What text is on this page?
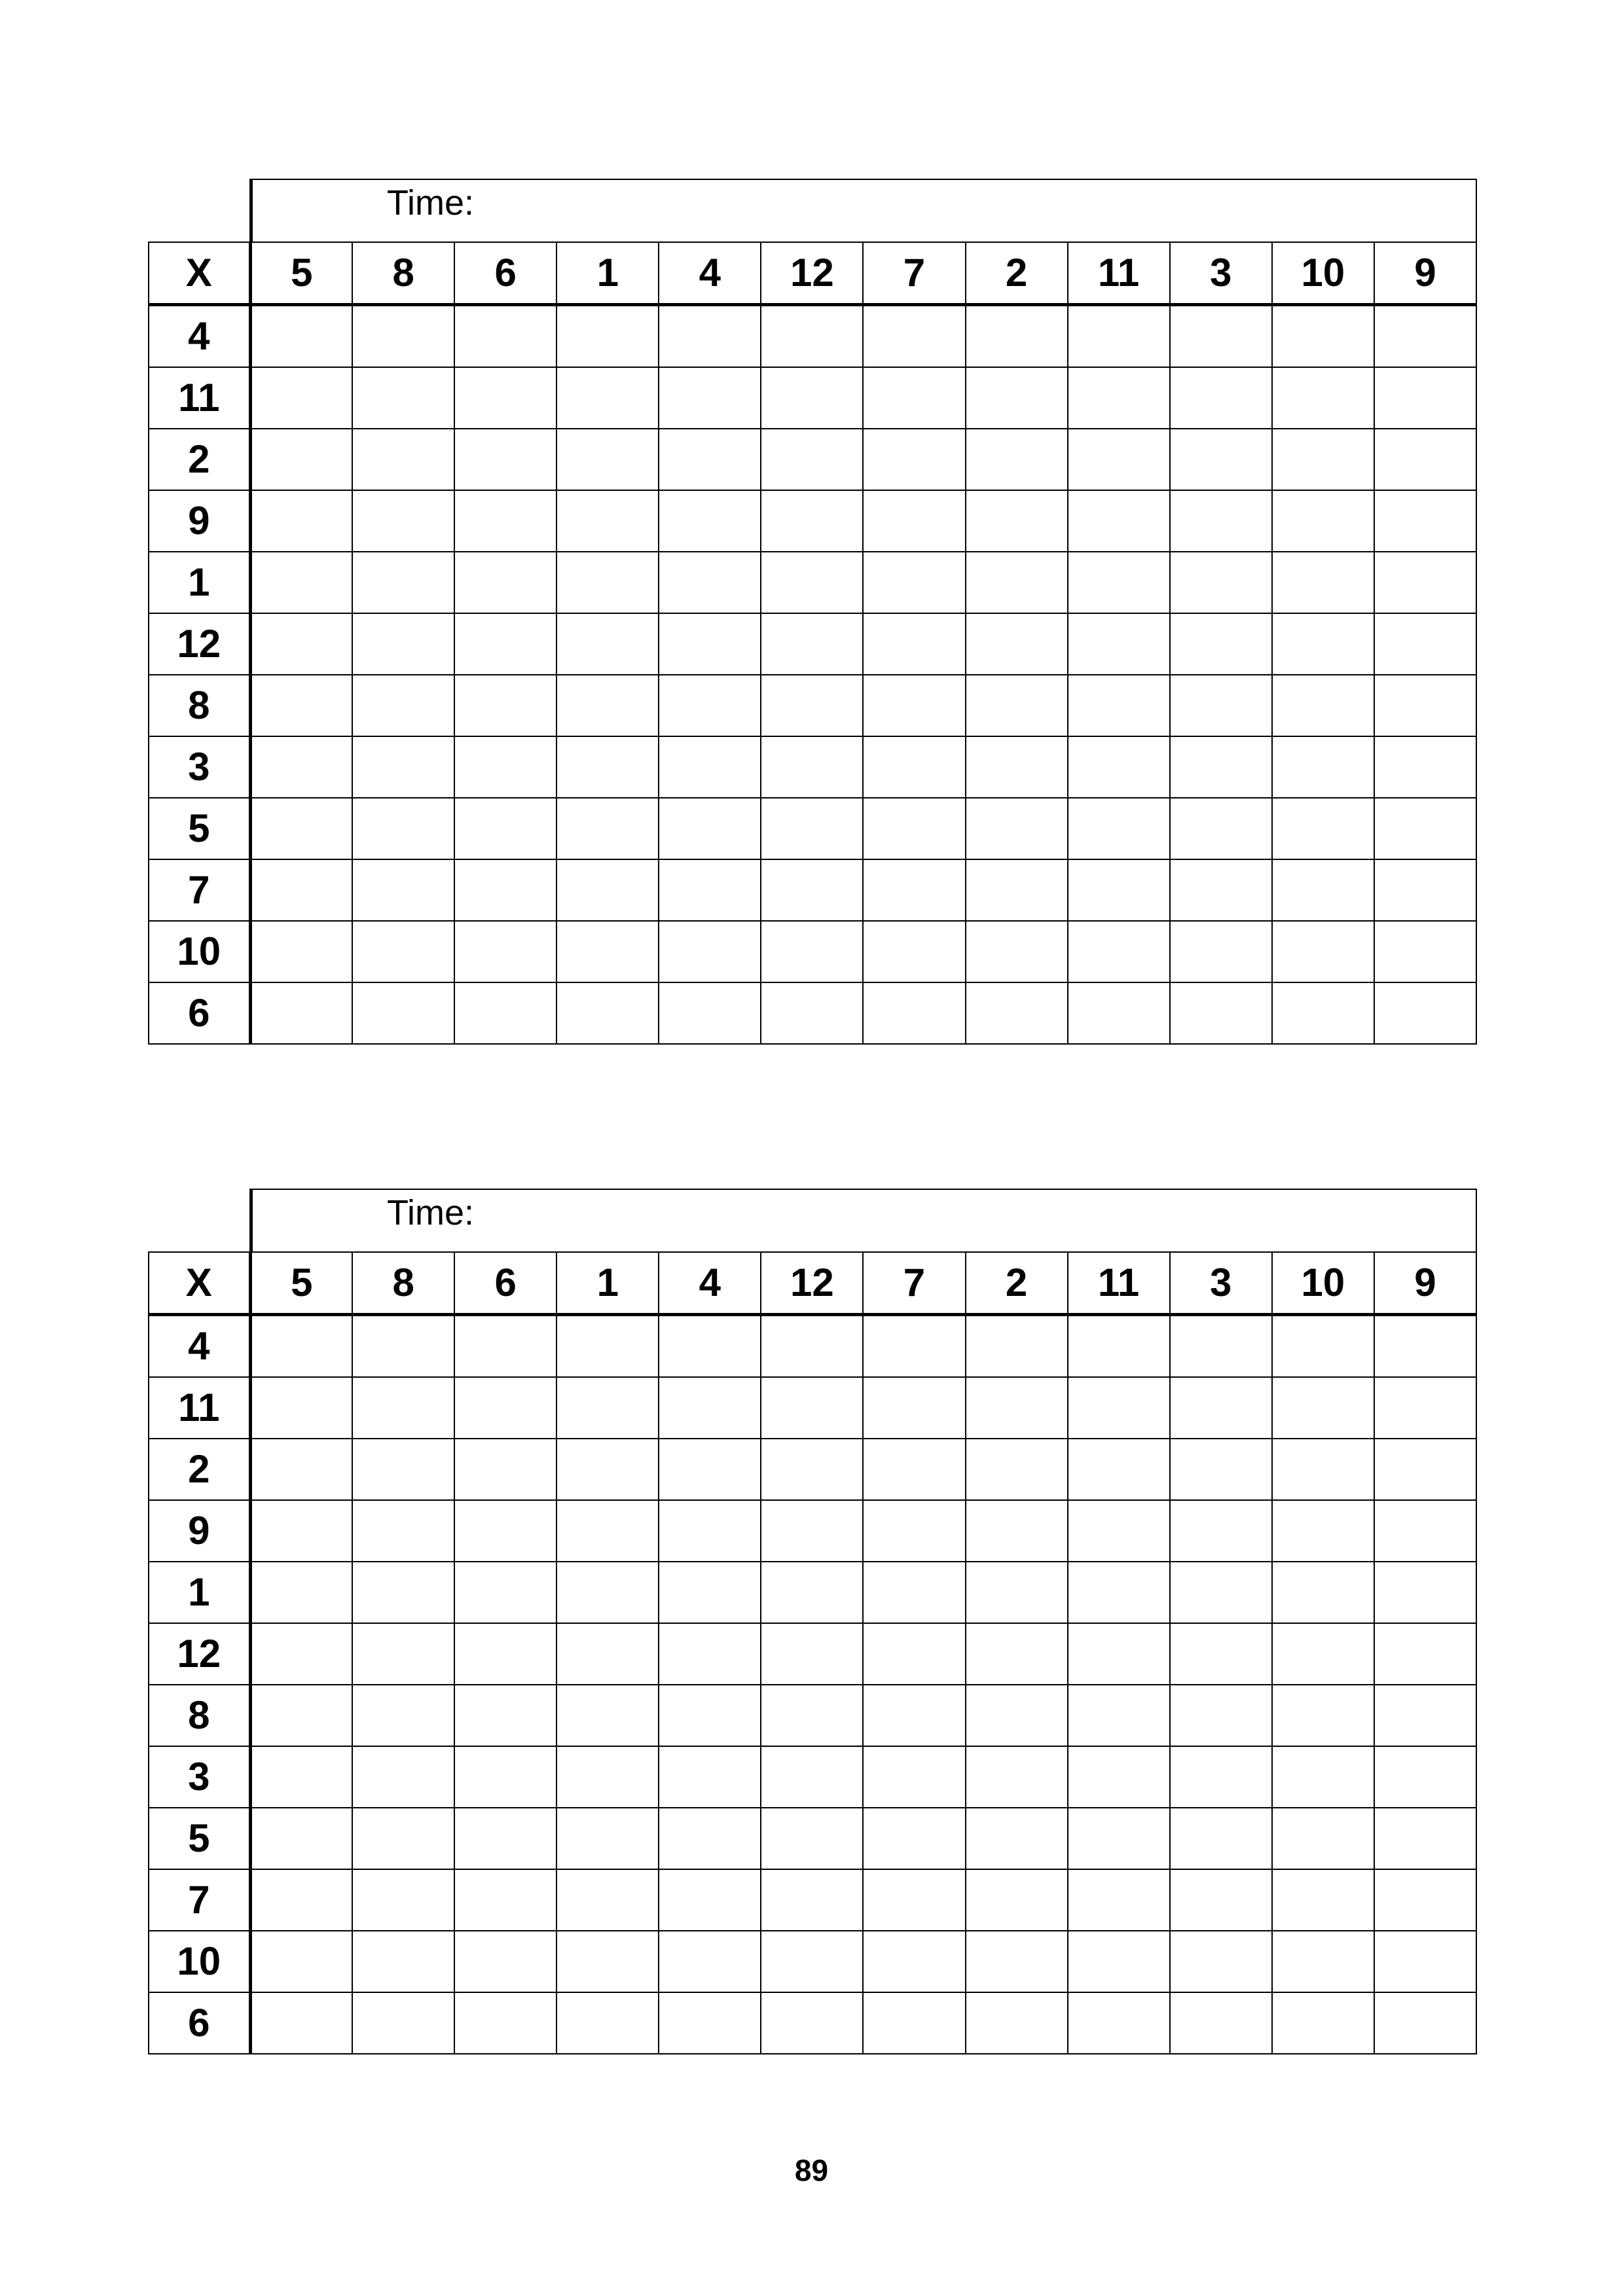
Time:
X	5	8	6	1	4	12	7	2	11	3	10	9
4												
11												
2												
9												
1												
12												
8												
3												
5												
7												
10												
6												
Time:
X	5	8	6	1	4	12	7	2	11	3	10	9
4												
11												
2												
9												
1												
12												
8												
3												
5												
7												
10												
6												
89
